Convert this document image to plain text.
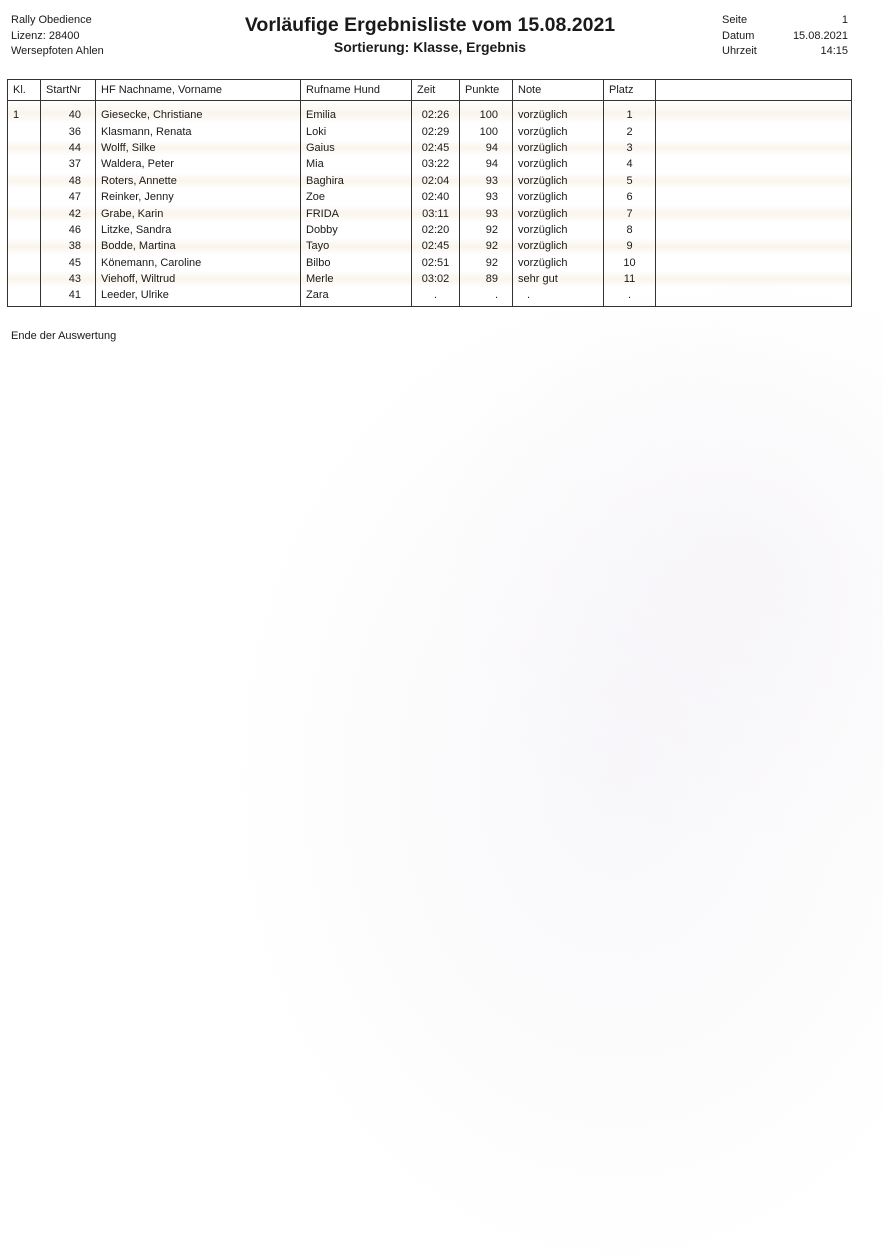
Rally Obedience
Lizenz: 28400
Wersepfoten Ahlen
Vorläufige Ergebnisliste vom 15.08.2021
Sortierung: Klasse, Ergebnis
Seite	1
Datum	15.08.2021
Uhrzeit	14:15
Kl.	StartNr	HF Nachname, Vorname	Rufname Hund	Zeit	Punkte	Note	Platz	
1	40	Giesecke, Christiane	Emilia	02:26	100	vorzüglich	1	
	36	Klasmann, Renata	Loki	02:29	100	vorzüglich	2	
	44	Wolff, Silke	Gaius	02:45	94	vorzüglich	3	
	37	Waldera, Peter	Mia	03:22	94	vorzüglich	4	
	48	Roters, Annette	Baghira	02:04	93	vorzüglich	5	
	47	Reinker, Jenny	Zoe	02:40	93	vorzüglich	6	
	42	Grabe, Karin	FRIDA	03:11	93	vorzüglich	7	
	46	Litzke, Sandra	Dobby	02:20	92	vorzüglich	8	
	38	Bodde, Martina	Tayo	02:45	92	vorzüglich	9	
	45	Könemann, Caroline	Bilbo	02:51	92	vorzüglich	10	
	43	Viehoff, Wiltrud	Merle	03:02	89	sehr gut	11	
	41	Leeder, Ulrike	Zara	.	.	.	.	
Ende der Auswertung
